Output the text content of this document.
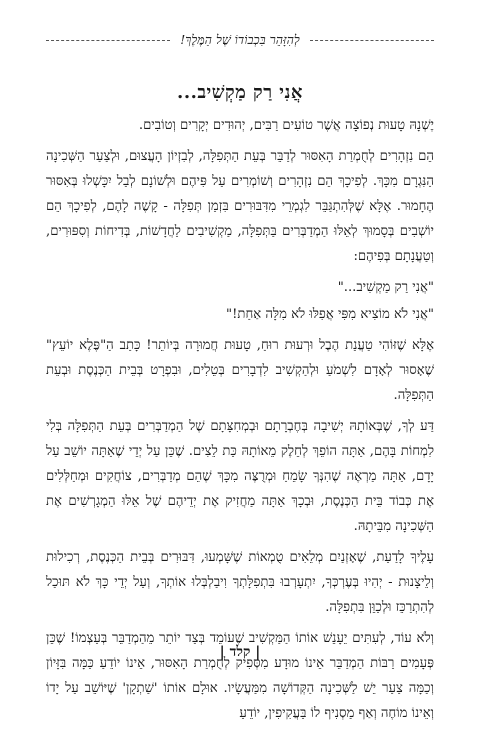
לְהִזָּהֵר בִּכְבוֹדוֹ שֶׁל הַמֶּלֶךְ!
אֲנִי רַק מַקְשִׁיב...

יֶשְׁנָהּ טָעוּת נְפוֹצָה אֲשֶׁר טוֹעִים רַבִּים, יְהוּדִים יְקָרִים וְטוֹבִים.

הֵם נִזְהָרִים לְחֻמְרַת הָאִסּוּר לְדַבֵּר בְּעֵת הַתְּפִלָּה, לְבִזְיוֹן הָעֲצוּם, וּלְצַעַר הַשְּׁכִינָה הַנִּגְרָם מִכָּךְ. לְפִיכָךְ הֵם נִזְהָרִים וְשׁוֹמְרִים עַל פִּיהֶם וּלְשׁוֹנָם לְבַל יִכָּשְׁלוּ בְּאִסּוּר הֶחָמוּר. אֶלָּא שֶׁלְּהִתְגַּבֵּר לִגְמְרֵי מִדִּבּוּרִים בִּזְמַן תְּפִלָּה - קָשֶׁה לָהֶם, לְפִיכָךְ הֵם יוֹשְׁבִים בְּסָמוּךְ לְאֵלּוּ הַמְדַבְּרִים בַּתְּפִלָּה, מַקְשִׁיבִים לַחֲדָשׁוֹת, בְּדִיחוֹת וְסִפּוּרִים, וְטַעֲנָתָם בְּפִיהֶם:

"אֲנִי רַק מַקְשִׁיב..."

"אֲנִי לֹא מוֹצִיא מִפִּי אֲפִלּוּ לֹא מִלָּה אַחַת!"

אֶלָּא שֶׁזּוֹהִי טַעֲנַת הֶבֶל וּרְעוּת רוּחַ, טָעוּת חֲמוּרָה בְּיוֹתֵר! כָּתַב הַ"פֶּלֶא יוֹעֵץ" שֶׁאָסוּר לְאָדָם לִשְׁמֹעַ וּלְהַקְשִׁיב לִדְבָרִים בְּטֵלִים, וּבִפְרָט בְּבֵית הַכְּנֶסֶת וּבְעֵת הַתְּפִלָּה.

דַּע לְךָ, שֶׁבְּאוֹתָהּ יְשִׁיבָה בְּחֶבְרָתָם וּבְמְחִצָּתָם שֶׁל הַמְדַבְּרִים בְּעֵת הַתְּפִלָּה בְּלִי לִמְחוֹת בָּהֶם, אַתָּה הוֹפֵךְ לְחֵלֶק מֵאוֹתָהּ כַּת לֵצִים. שֶׁכֵּן עַל יְדֵי שֶׁאַתָּה יוֹשֵׁב עַל יָדָם, אַתָּה מַרְאֶה שֶׁהִנְּךָ שָׂמֵחַ וּמְרֻצֶּה מִכָּךְ שֶׁהֵם מְדַבְּרִים, צוֹחֲקִים וּמְחַלְּלִים אֶת כְּבוֹד בֵּית הַכְּנֶסֶת, וּבְכָךְ אַתָּה מַחֲזִיק אֶת יְדֵיהֶם שֶׁל אֵלּוּ הַמְגָרְשִׁים אֶת הַשְּׁכִינָה מִבֵּיתָהּ.

עָלֶיךָ לָדַעַת, שֶׁאָזְנַיִם מְלֵאִים טֻמְאוֹת שֶׁשָּׁמְעוּ, דִּבּוּרִים בְּבֵית הַכְּנֶסֶת, רְכִילוּת וְלֵיצָנוּת - יְהִיוּ בְּעֶרְכְּךָ, יִתְעָרְבוּ בִּתְפִלָּתְךָ וִיבַלְבְּלוּ אוֹתְךָ, וְעַל יְדֵי כָּךְ לֹא תּוּכַל לְהִתְרַכֵּז וּלְכַוֵּן בִּתְפִלָּה.

וְלֹא עוֹד, לְעִתִּים יֵעָנֵשׁ אוֹתוֹ הַמַּקְשִׁיב שֶׁעוֹמֵד בְּצַד יוֹתֵר מֵהַמְדַבֵּר בְּעַצְמוֹ! שֶׁכֵּן פְּעָמִים רַבּוֹת הַמְדַבֵּר אֵינוֹ מוּדָע מִסְּפִיק לְחֻמְרַת הָאִסּוּר, אֵינוֹ יוֹדֵעַ כַּמָּה בִּזָּיוֹן וְכַמָּה צַעַר יֵשׁ לַשְּׁכִינָה הַקְּדוֹשָׁה מִמַּעֲשָׂיו. אוּלָם אוֹתוֹ 'שַׁתְקָן' שֶׁיּוֹשֵׁב עַל יָדוֹ וְאֵינוֹ מוֹחֶה וְאַף מַסְנִיף לוֹ בַּעֲקִיפִין, יוֹדֵעַ

| קלד |
